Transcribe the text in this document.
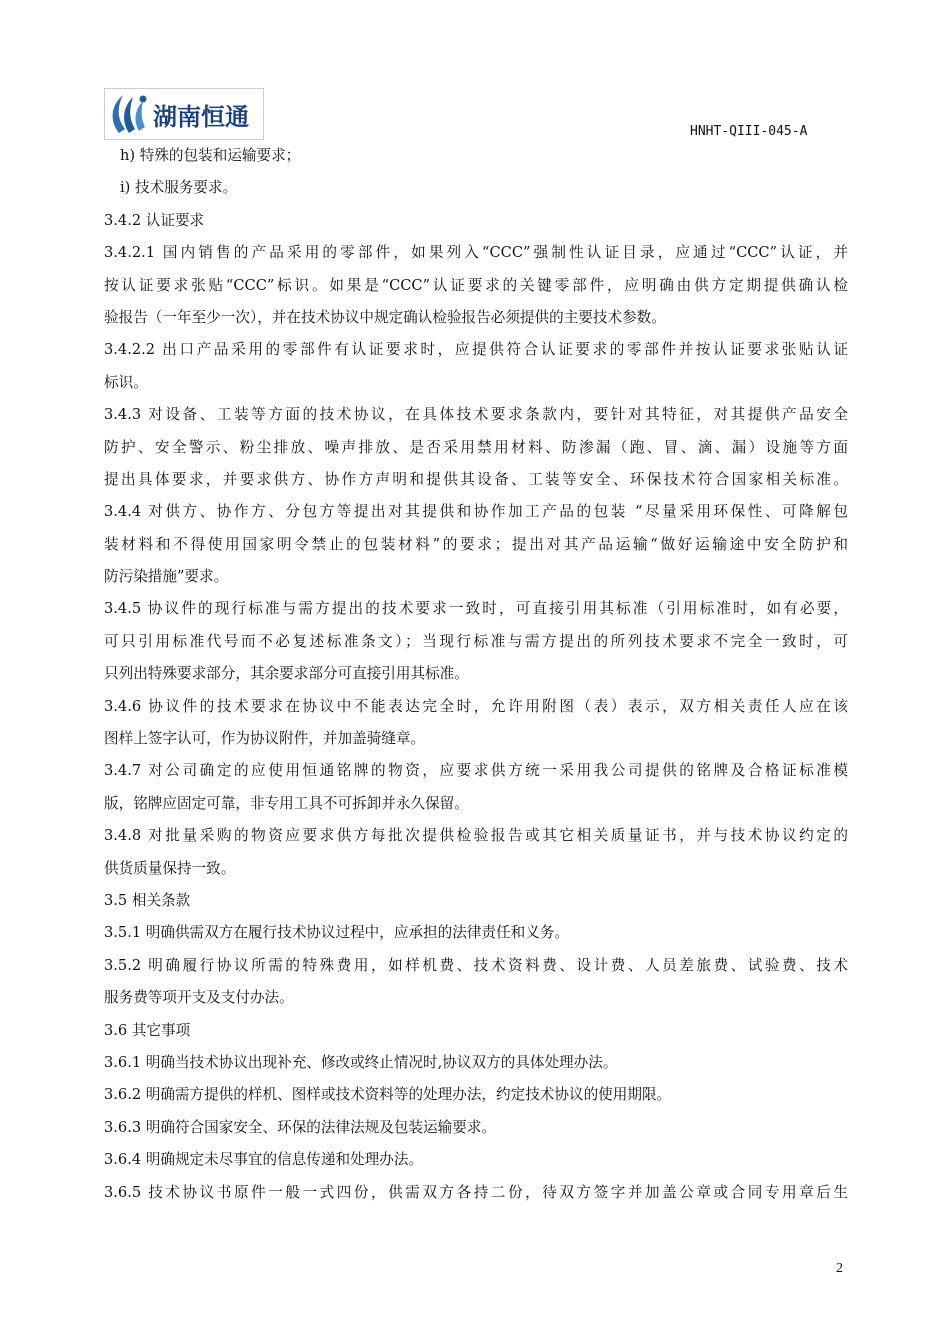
湖南恒通
HNHT-QIII-045-A
h) 特殊的包装和运输要求；
i) 技术服务要求。
3.4.2 认证要求
3.4.2.1 国内销售的产品采用的零部件，如果列入“CCC”强制性认证目录，应通过“CCC”认证，并
按认证要求张贴“CCC”标识。如果是“CCC”认证要求的关键零部件，应明确由供方定期提供确认检
验报告（一年至少一次），并在技术协议中规定确认检验报告必须提供的主要技术参数。
3.4.2.2 出口产品采用的零部件有认证要求时，应提供符合认证要求的零部件并按认证要求张贴认证
标识。
3.4.3 对设备、工装等方面的技术协议，在具体技术要求条款内，要针对其特征，对其提供产品安全
防护、安全警示、粉尘排放、噪声排放、是否采用禁用材料、防渗漏（跑、冒、滴、漏）设施等方面
提出具体要求，并要求供方、协作方声明和提供其设备、工装等安全、环保技术符合国家相关标准。
3.4.4 对供方、协作方、分包方等提出对其提供和协作加工产品的包装 “尽量采用环保性、可降解包
装材料和不得使用国家明令禁止的包装材料”的要求；提出对其产品运输“做好运输途中安全防护和
防污染措施”要求。
3.4.5 协议件的现行标准与需方提出的技术要求一致时，可直接引用其标准（引用标准时，如有必要，
可只引用标准代号而不必复述标准条文）；当现行标准与需方提出的所列技术要求不完全一致时，可
只列出特殊要求部分，其余要求部分可直接引用其标准。
3.4.6 协议件的技术要求在协议中不能表达完全时，允许用附图（表）表示，双方相关责任人应在该
图样上签字认可，作为协议附件，并加盖骑缝章。
3.4.7 对公司确定的应使用恒通铭牌的物资，应要求供方统一采用我公司提供的铭牌及合格证标准模
版，铭牌应固定可靠，非专用工具不可拆卸并永久保留。
3.4.8 对批量采购的物资应要求供方每批次提供检验报告或其它相关质量证书，并与技术协议约定的
供货质量保持一致。
3.5 相关条款
3.5.1 明确供需双方在履行技术协议过程中，应承担的法律责任和义务。
3.5.2 明确履行协议所需的特殊费用，如样机费、技术资料费、设计费、人员差旅费、试验费、技术
服务费等项开支及支付办法。
3.6 其它事项
3.6.1 明确当技术协议出现补充、修改或终止情况时,协议双方的具体处理办法。
3.6.2 明确需方提供的样机、图样或技术资料等的处理办法，约定技术协议的使用期限。
3.6.3 明确符合国家安全、环保的法律法规及包装运输要求。
3.6.4 明确规定未尽事宜的信息传递和处理办法。
3.6.5 技术协议书原件一般一式四份，供需双方各持二份，待双方签字并加盖公章或合同专用章后生
2
